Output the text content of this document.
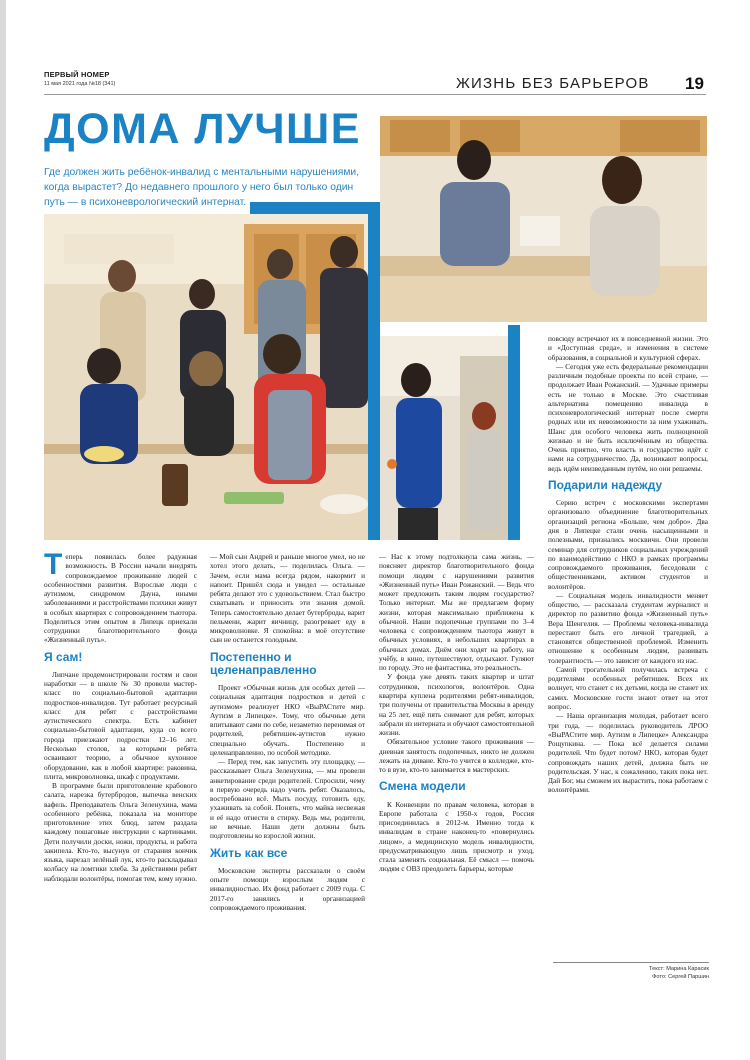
ПЕРВЫЙ НОМЕР
11 мая 2021 года №18 (341)	ЖИЗНЬ БЕЗ БАРЬЕРОВ 19
ДОМА ЛУЧШЕ
Где должен жить ребёнок-инвалид с ментальными нарушениями, когда вырастет? До недавнего прошлого у него был только один путь — в психоневрологический интернат.

Теперь появилась более радужная возможность. В России начали внедрять сопровождаемое проживание людей с особенностями развития. Взрослые люди с аутизмом, синдромом Дауна, иными заболеваниями и расстройствами психики живут в особых квартирах с сопровождением тьютора. Поделиться этим опытом в Липецк приехали сотрудники благотворительного фонда «Жизненный путь».

Я сам!

Липчане продемонстрировали гостям и свои наработки — в школе № 30 провели мастер-класс по социально-бытовой адаптации подростков-инвалидов. Тут работает ресурсный класс для ребят с расстройствами аутистического спектра. Есть кабинет социально-бытовой адаптации, куда со всего города приезжают подростки 12–16 лет. Несколько столов, за которыми ребята осваивают теорию, а обычное кухонное оборудование, как в любой квартире: раковина, плита, микроволновка, шкаф с продуктами.

В программе были приготовление крабового салата, нарезка бутербродов, выпечка венских вафель. Преподаватель Ольга Зеленухина, мама особенного ребёнка, показала на мониторе приготовление этих блюд, затем раздала каждому пошаговые инструкции с картинками. Дети получили доски, ножи, продукты, и работа закипела. Кто-то, высунув от старания кончик языка, нарезал зелёный лук, кто-то раскладывал колбасу на ломтики хлеба. За действиями ребят наблюдали волонтёры, помогая тем, кому нужно.

— Мой сын Андрей и раньше многое умел, но не хотел этого делать, — поделилась Ольга. — Зачем, если мама всегда рядом, накормит и напоит. Пришёл сюда и увидел — остальные ребята делают это с удовольствием. Стал быстро схватывать и приносить эти знания домой. Теперь самостоятельно делает бутерброды, варит пельмени, жарит яичницу, разогревает еду в микроволновке. Я спокойна: в моё отсутствие сын не останется голодным.

Постепенно и целенаправленно

Проект «Обычная жизнь для особых детей — социальная адаптация подростков и детей с аутизмом» реализует НКО «ВыРАСтите мир. Аутизм в Липецке». Тому, что обычные дети впитывают сами по себе, незаметно перенимая от родителей, ребятишек-аутистов нужно специально обучать. Постепенно и целенаправленно, по особой методике.

— Перед тем, как запустить эту площадку, — рассказывает Ольга Зеленухина, — мы провели анкетирование среди родителей. Спросили, чему в первую очередь надо учить ребят. Оказалось, востребовано всё. Мыть посуду, готовить еду, ухаживать за собой. Понять, что майка несвежая и её надо отнести в стирку. Ведь мы, родители, не вечные. Наши дети должны быть подготовлены ко взрослой жизни.

Жить как все

Московские эксперты рассказали о своём опыте помощи взрослым людям с инвалидностью. Их фонд работает с 2009 года. С 2017-го занялись и организацией сопровождаемого проживания.

— Нас к этому подтолкнула сама жизнь, — поясняет директор благотворительного фонда помощи людям с нарушениями развития «Жизненный путь» Иван Рожанский. — Ведь что может предложить таким людям государство? Только интернат. Мы же предлагаем форму жизни, которая максимально приближена к обычной. Наши подопечные группами по 3–4 человека с сопровождением тьютора живут в обычных условиях, в небольших квартирах в обычных домах. Днём они ходят на работу, на учёбу, в кино, путешествуют, отдыхают. Гуляют по городу. Это не фантастика, это реальность.

У фонда уже девять таких квартир и штат сотрудников, психологов, волонтёров. Одна квартира куплена родителями ребят-инвалидов, три получены от правительства Москвы в аренду на 25 лет, ещё пять снимают для ребят, которых забрали из интерната и обучают самостоятельной жизни.

Обязательное условие такого проживания — дневная занятость подопечных, никто не должен лежать на диване. Кто-то учится в колледже, кто-то в вузе, кто-то занимается в мастерских.

Смена модели

К Конвенции по правам человека, которая в Европе работала с 1950-х годов, Россия присоединилась в 2012-м. Именно тогда к инвалидам в стране наконец-то «повернулись лицом», а медицинскую модель инвалидности, предусматривающую лишь присмотр и уход, стала заменять социальная. Её смысл — помочь людям с ОВЗ преодолеть барьеры, которые

повсюду встречают их в повседневной жизни. Это и «Доступная среда», и изменения в системе образования, в социальной и культурной сферах.

— Сегодня уже есть федеральные рекомендации различным подобные проекты по всей стране, — продолжает Иван Рожанский. — Удачные примеры есть не только в Москве. Это счастливая альтернатива помещению инвалида в психоневрологический интернат после смерти родных или их невозможности за ним ухаживать. Шанс для особого человека жить полноценной жизнью и не быть исключённым из общества. Очень приятно, что власть и государство идёт с нами на сотрудничество. Да, возникают вопросы, ведь идём неизведанным путём, но они решаемы.

Подарили надежду

Серию встреч с московскими экспертами организовало объединение благотворительных организаций региона «Больше, чем добро». Два дня в Липецке стали очень насыщенными и полезными, признались москвичи. Они провели семинар для сотрудников социальных учреждений по взаимодействию с НКО в рамках программы сопровождаемого проживания, беседовали с общественниками, активом студентов и волонтёров.

— Социальная модель инвалидности меняет общество, — рассказала студентам журналист и директор по развитию фонда «Жизненный путь» Вера Шенгелия. — Проблемы человека-инвалида перестают быть его личной трагедией, а становятся общественной проблемой. Изменить отношение к особенным людям, развивать толерантность — это зависит от каждого из нас.

Самой трогательной получилась встреча с родителями особенных ребятишек. Всех их волнует, что станет с их детьми, когда не станет их самих. Московские гости знают ответ на этот вопрос.

— Наша организация молодая, работает всего три года, — поделилась руководитель ЛРОО «ВыРАСтите мир. Аутизм в Липецке» Александра Рощупкина. — Пока всё делается силами родителей. Что будет потом? НКО, которая будет сопровождать наших детей, должна быть не родительская. У нас, к сожалению, таких пока нет. Дай Бог, мы сможем их вырастить, пока работаем с волонтёрами.

Текст: Марина Карасик
Фото: Сергей Паршин
